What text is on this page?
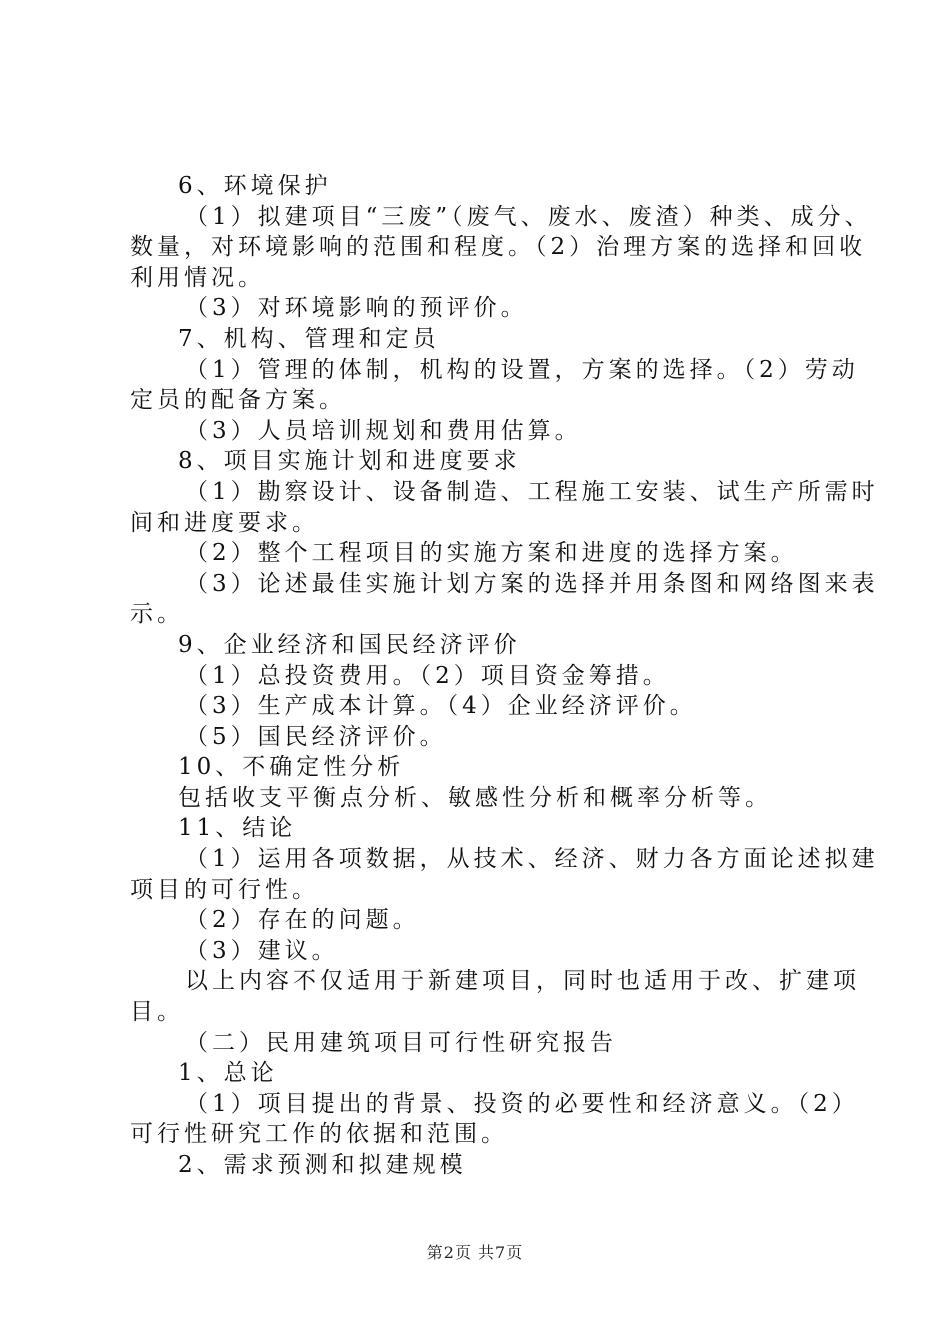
6、环境保护
（1）拟建项目“三废”（废气、废水、废渣）种类、成分、
数量，对环境影响的范围和程度。（2）治理方案的选择和回收
利用情况。
（3）对环境影响的预评价。
7、机构、管理和定员
（1）管理的体制，机构的设置，方案的选择。（2）劳动
定员的配备方案。
（3）人员培训规划和费用估算。
8、项目实施计划和进度要求
（1）勘察设计、设备制造、工程施工安装、试生产所需时
间和进度要求。
（2）整个工程项目的实施方案和进度的选择方案。
（3）论述最佳实施计划方案的选择并用条图和网络图来表
示。
9、企业经济和国民经济评价
（1）总投资费用。（2）项目资金筹措。
（3）生产成本计算。（4）企业经济评价。
（5）国民经济评价。
10、不确定性分析
包括收支平衡点分析、敏感性分析和概率分析等。
11、结论
（1）运用各项数据，从技术、经济、财力各方面论述拟建
项目的可行性。
（2）存在的问题。
（3）建议。
以上内容不仅适用于新建项目，同时也适用于改、扩建项
目。
（二）民用建筑项目可行性研究报告
1、总论
（1）项目提出的背景、投资的必要性和经济意义。（2）
可行性研究工作的依据和范围。
2、需求预测和拟建规模
第2页 共7页
